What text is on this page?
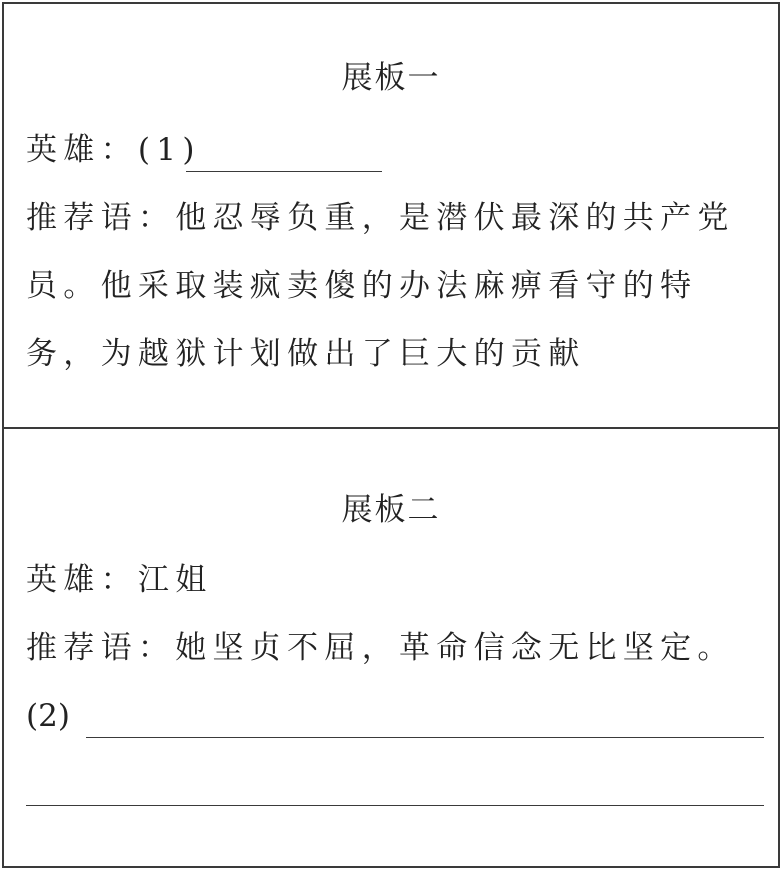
展板一
英雄：(1)
推荐语：他忍辱负重，是潜伏最深的共产党
员。他采取装疯卖傻的办法麻痹看守的特
务，为越狱计划做出了巨大的贡献
展板二
英雄：江姐
推荐语：她坚贞不屈，革命信念无比坚定。
(2)
